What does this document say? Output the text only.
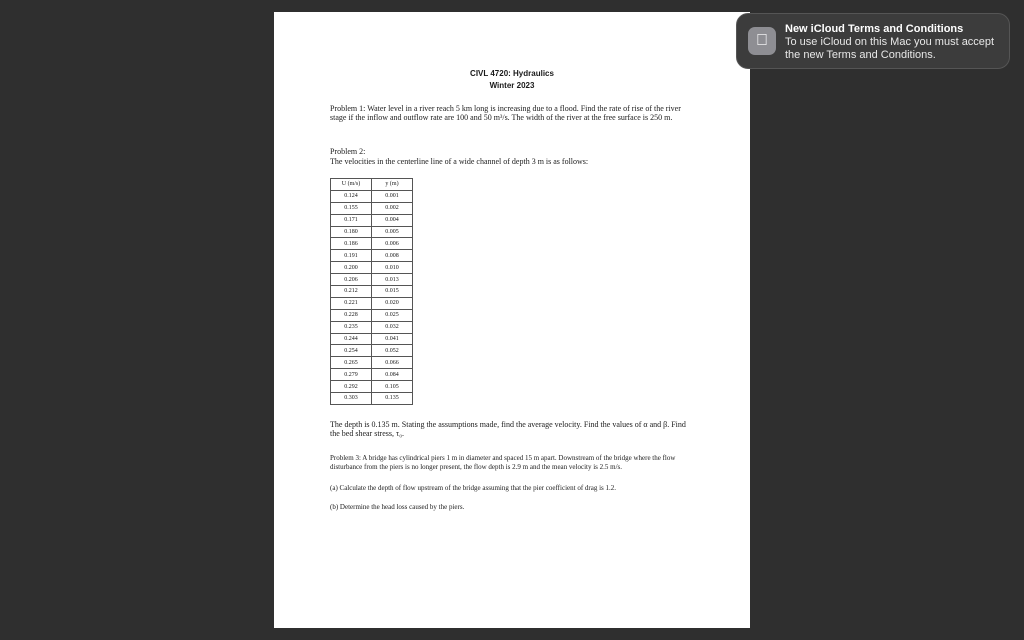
CIVL 4720: Hydraulics
Winter 2023
Problem 1: Water level in a river reach 5 km long is increasing due to a flood. Find the rate of rise of the river stage if the inflow and outflow rate are 100 and 50 m³/s. The width of the river at the free surface is 250 m.
Problem 2:
The velocities in the centerline line of a wide channel of depth 3 m is as follows:
U (m/s)	y (m)
0.124	0.001
0.155	0.002
0.171	0.004
0.180	0.005
0.186	0.006
0.191	0.008
0.200	0.010
0.206	0.013
0.212	0.015
0.221	0.020
0.228	0.025
0.235	0.032
0.244	0.041
0.254	0.052
0.265	0.066
0.279	0.084
0.292	0.105
0.303	0.135
The depth is 0.135 m. Stating the assumptions made, find the average velocity. Find the values of α and β. Find the bed shear stress, τ₀.
Problem 3: A bridge has cylindrical piers 1 m in diameter and spaced 15 m apart. Downstream of the bridge where the flow disturbance from the piers is no longer present, the flow depth is 2.9 m and the mean velocity is 2.5 m/s.
(a) Calculate the depth of flow upstream of the bridge assuming that the pier coefficient of drag is 1.2.
(b) Determine the head loss caused by the piers.
New iCloud Terms and Conditions
To use iCloud on this Mac you must accept the new Terms and Conditions.
